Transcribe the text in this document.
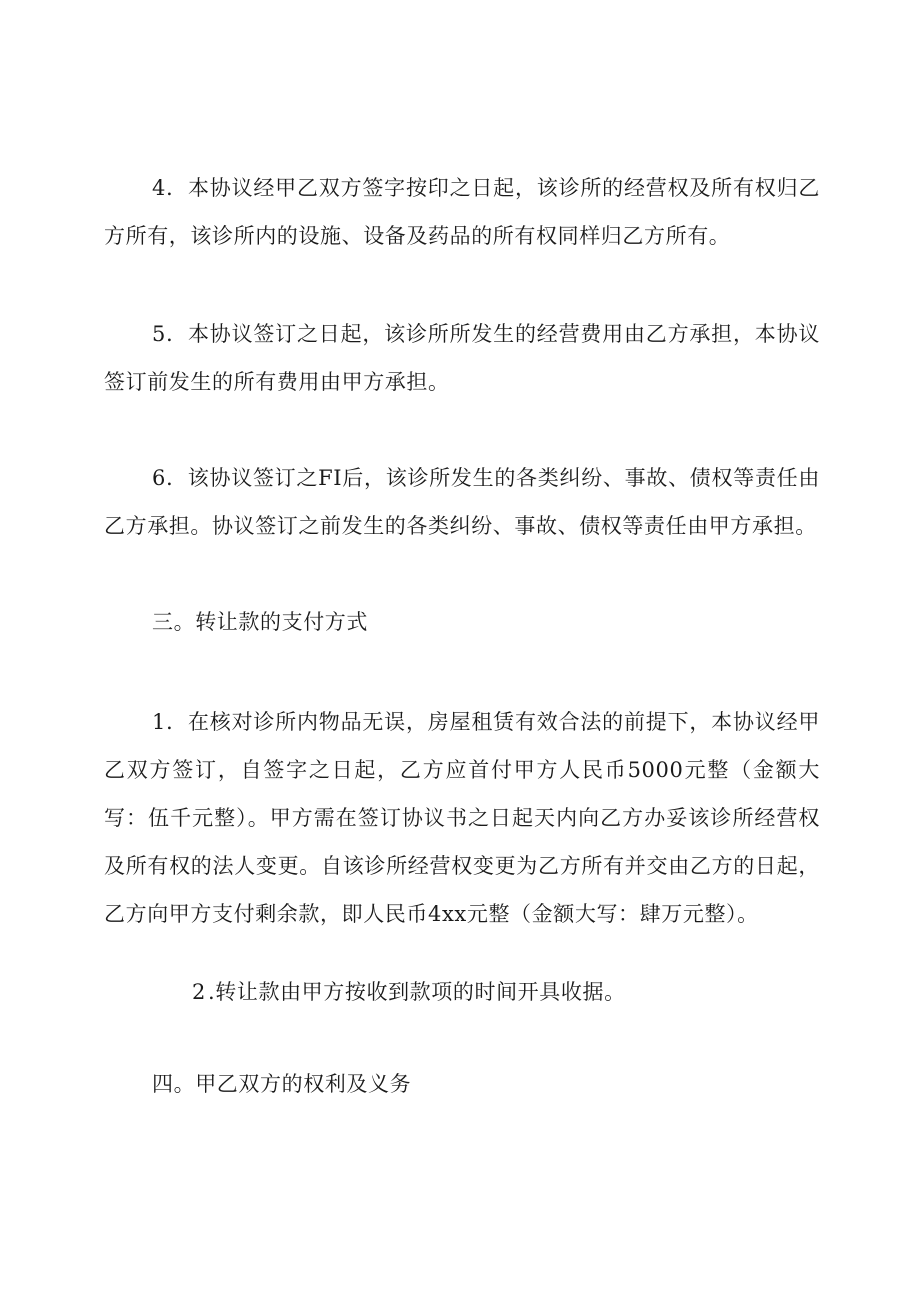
4．本协议经甲乙双方签字按印之日起，该诊所的经营权及所有权归乙方所有，该诊所内的设施、设备及药品的所有权同样归乙方所有。

5．本协议签订之日起，该诊所所发生的经营费用由乙方承担，本协议签订前发生的所有费用由甲方承担。

6．该协议签订之FI后，该诊所发生的各类纠纷、事故、债权等责任由乙方承担。协议签订之前发生的各类纠纷、事故、债权等责任由甲方承担。

三。转让款的支付方式

1．在核对诊所内物品无误，房屋租赁有效合法的前提下，本协议经甲乙双方签订，自签字之日起，乙方应首付甲方人民币5000元整（金额大写：伍千元整）。甲方需在签订协议书之日起天内向乙方办妥该诊所经营权及所有权的法人变更。自该诊所经营权变更为乙方所有并交由乙方的日起，乙方向甲方支付剩余款，即人民币4xx元整（金额大写：肆万元整）。

2.转让款由甲方按收到款项的时间开具收据。

四。甲乙双方的权利及义务
